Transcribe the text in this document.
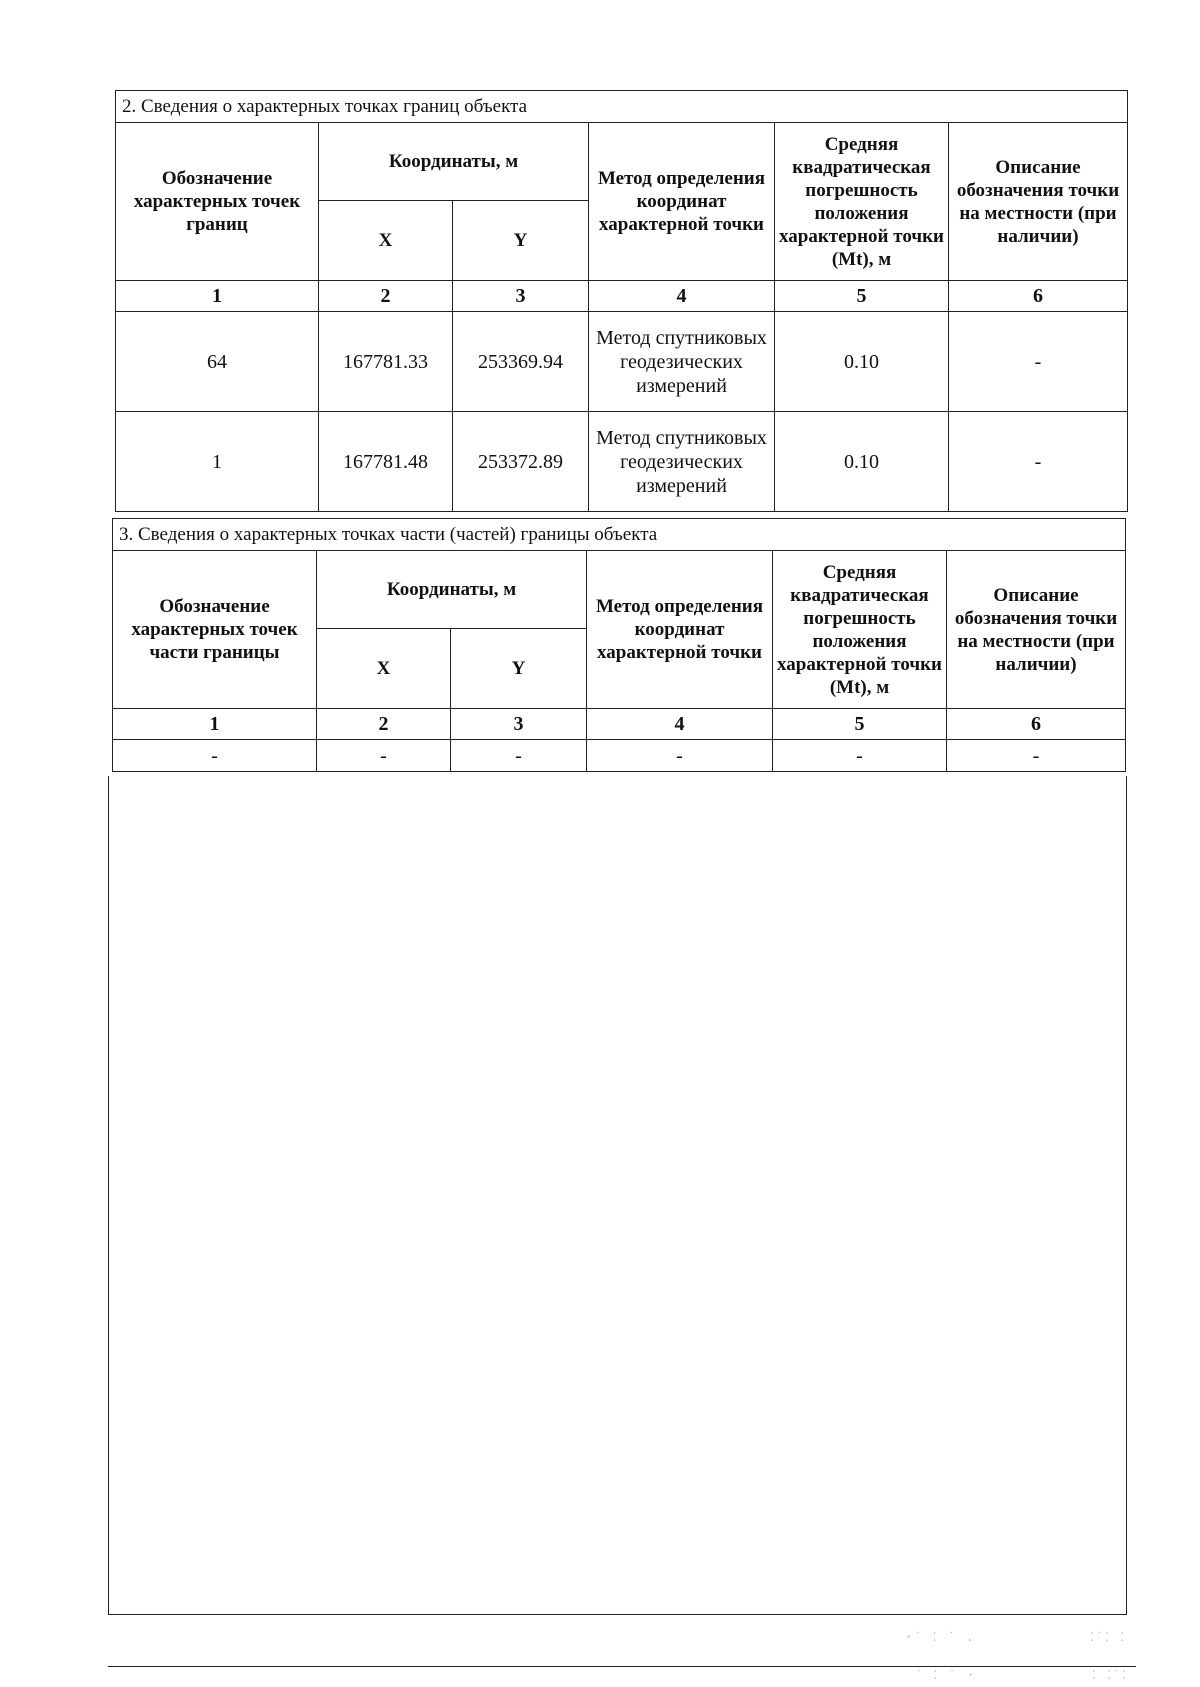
2. Сведения о характерных точках границ объекта					
Обозначение характерных точек границ	Координаты, м		Метод определения координат характерной точки	Средняя квадратическая погрешность положения характерной точки (Mt), м	Описание обозначения точки на местности (при наличии)
	X	Y			
1	2	3	4	5	6
64	167781.33	253369.94	Метод спутниковых геодезических измерений	0.10	-
1	167781.48	253372.89	Метод спутниковых геодезических измерений	0.10	-
3. Сведения о характерных точках части (частей) границы объекта					
Обозначение характерных точек части границы	Координаты, м		Метод определения координат характерной точки	Средняя квадратическая погрешность положения характерной точки (Mt), м	Описание обозначения точки на местности (при наличии)
	X	Y			
1	2	3	4	5	6
-	-	-	-	-	-
·˙ ⁚ ˙ .	⁚˙⁚ ⁚
˙ ⁚ ˙ ·	⁚ ⁚˙⁚
